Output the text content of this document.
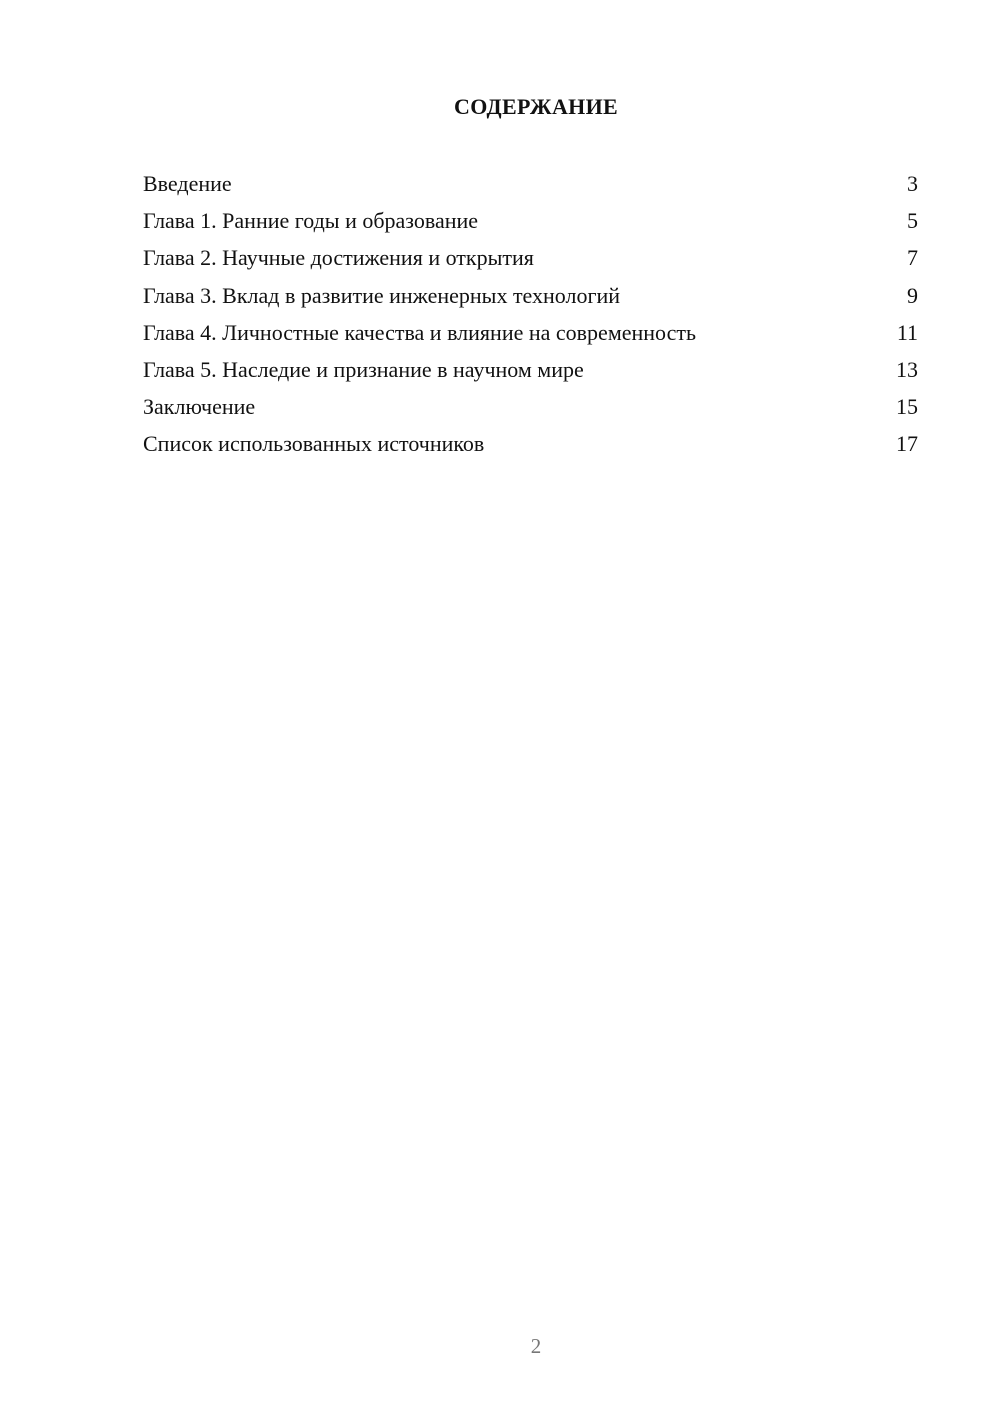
СОДЕРЖАНИЕ
Введение	3
Глава 1. Ранние годы и образование	5
Глава 2. Научные достижения и открытия	7
Глава 3. Вклад в развитие инженерных технологий	9
Глава 4. Личностные качества и влияние на современность	11
Глава 5. Наследие и признание в научном мире	13
Заключение	15
Список использованных источников	17
2
